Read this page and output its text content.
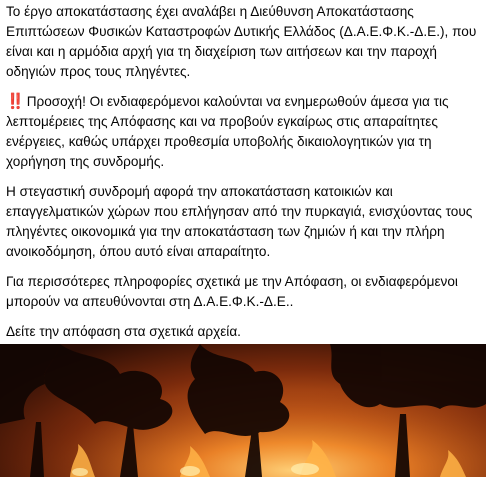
Το έργο αποκατάστασης έχει αναλάβει η Διεύθυνση Αποκατάστασης Επιπτώσεων Φυσικών Καταστροφών Δυτικής Ελλάδος (Δ.Α.Ε.Φ.Κ.-Δ.Ε.), που είναι και η αρμόδια αρχή για τη διαχείριση των αιτήσεων και την παροχή οδηγιών προς τους πληγέντες.

‼️ Προσοχή! Οι ενδιαφερόμενοι καλούνται να ενημερωθούν άμεσα για τις λεπτομέρειες της Απόφασης και να προβούν εγκαίρως στις απαραίτητες ενέργειες, καθώς υπάρχει προθεσμία υποβολής δικαιολογητικών για τη χορήγηση της συνδρομής.

Η στεγαστική συνδρομή αφορά την αποκατάσταση κατοικιών και επαγγελματικών χώρων που επλήγησαν από την πυρκαγιά, ενισχύοντας τους πληγέντες οικονομικά για την αποκατάσταση των ζημιών ή και την πλήρη ανοικοδόμηση, όπου αυτό είναι απαραίτητο.

Για περισσότερες πληροφορίες σχετικά με την Απόφαση, οι ενδιαφερόμενοι μπορούν να απευθύνονται στη Δ.Α.Ε.Φ.Κ.-Δ.Ε..

Δείτε την απόφαση στα σχετικά αρχεία.
